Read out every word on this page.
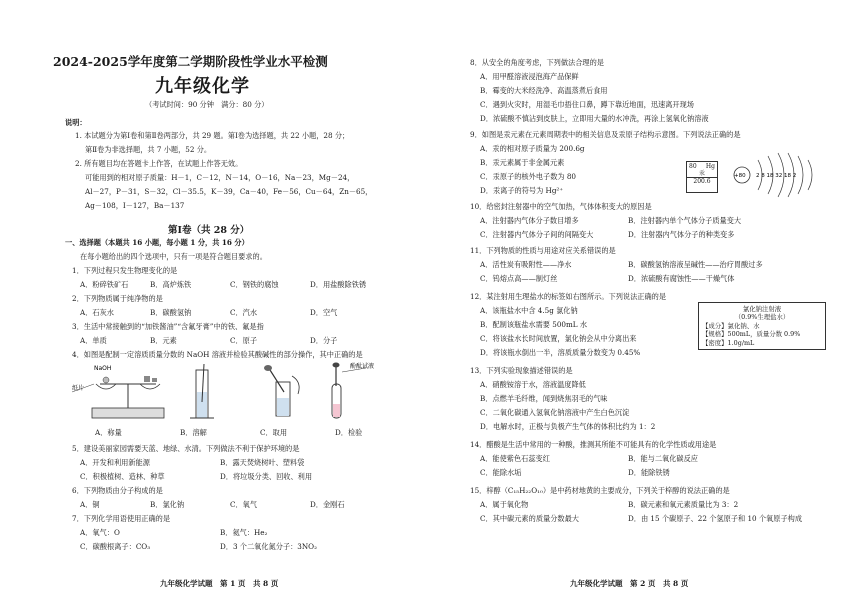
2024-2025学年度第二学期阶段性学业水平检测
九年级化学
（考试时间：90 分钟　满分：80 分）
说明：
1. 本试题分为第Ⅰ卷和第Ⅱ卷两部分，共 29 题。第Ⅰ卷为选择题，共 22 小题，28 分；
第Ⅱ卷为非选择题，共 7 小题，52 分。
2. 所有题目均在答题卡上作答，在试题上作答无效。
可能用到的相对原子质量：H－1，C－12，N－14，O－16，Na－23，Mg－24，
Al－27，P－31，S－32，Cl－35.5，K－39，Ca－40，Fe－56，Cu－64，Zn－65，
Ag－108，I－127，Ba－137
第Ⅰ卷（共 28 分）
一、选择题（本题共 16 小题，每小题 1 分，共 16 分）
在每小题给出的四个选项中，只有一项是符合题目要求的。
1．下列过程只发生物理变化的是
A．粉碎铁矿石	B．高炉炼铁	C．钢铁的腐蚀	D．用盐酸除铁锈
2．下列物质属于纯净物的是
A．石灰水	B．碳酸氢钠	C．汽水	D．空气
3．生活中常接触到的“加铁酱油”“含氟牙膏”中的铁、氟是指
A．单质	B．元素	C．原子	D．分子
4．如图是配制一定溶质质量分数的 NaOH 溶液并检验其酸碱性的部分操作，其中正确的是
NaOH
纸片
酚酞试液
A．称量	B．溶解	C．取用	D．检验
5．建设美丽家园需要天蓝、地绿、水清。下列做法不利于保护环境的是
A．开发和利用新能源	B．露天焚烧树叶、塑料袋
C．积极植树、造林、种草	D．将垃圾分类、回收、利用
6．下列物质由分子构成的是
A．铜	B．氯化钠	C．氧气	D．金刚石
7．下列化学用语使用正确的是
A．氧气：O	B．氦气：He₂
C．碳酸根离子：CO₃	D．3 个二氧化氮分子：3NO₂
九年级化学试题　第 1 页　共 8 页
8．从安全的角度考虑，下列做法合理的是
A．用甲醛溶液浸泡海产品保鲜
B．霉变的大米经洗净、高温蒸煮后食用
C．遇到火灾时，用湿毛巾捂住口鼻，蹲下靠近地面，迅速离开现场
D．浓硫酸不慎沾到皮肤上，立即用大量的水冲洗，再涂上氢氧化钠溶液
9．如图是汞元素在元素周期表中的相关信息及汞原子结构示意图。下列说法正确的是
A．汞的相对原子质量为 200.6g
B．汞元素属于非金属元素
C．汞原子的核外电子数为 80
D．汞离子的符号为 Hg²⁺
80 Hg
汞
200.6
+80 2 8 18 32 18 2
10．给密封注射器中的空气加热，气体体积变大的原因是
A．注射器内气体分子数目增多	B．注射器内单个气体分子质量变大
C．注射器内气体分子间的间隔变大	D．注射器内气体分子的种类变多
11．下列物质的性质与用途对应关系错误的是
A．活性炭有吸附性——净水	B．碳酸氢钠溶液呈碱性——治疗胃酸过多
C．钨熔点高——制灯丝	D．浓硫酸有腐蚀性——干燥气体
12．某注射用生理盐水的标签如右图所示。下列说法正确的是
A．该瓶盐水中含 4.5g 氯化钠
B．配制该瓶盐水需要 500mL 水
C．将该盐水长时间放置，氯化钠会从中分离出来
D．将该瓶水倒出一半，溶质质量分数变为 0.45%
氯化钠注射液
（0.9%生理盐水）
【成分】氯化钠、水
【规格】500mL，质量分数 0.9%
【密度】1.0g/mL
13．下列实验现象描述错误的是
A．硝酸铵溶于水，溶液温度降低
B．点燃羊毛纤维，闻到烧焦羽毛的气味
C．二氧化碳通入氢氧化钠溶液中产生白色沉淀
D．电解水时，正极与负极产生气体的体积比约为 1：2
14．醋酸是生活中常用的一种酸，推测其所能不可能具有的化学性质或用途是
A．能使紫色石蕊变红	B．能与二氧化碳反应
C．能除水垢	D．能除铁锈
15．梓醇（C₁₅H₂₂O₁₀）是中药材地黄的主要成分，下列关于梓醇的说法正确的是
A．属于氧化物	B．碳元素和氧元素质量比为 3：2
C．其中碳元素的质量分数最大	D．由 15 个碳原子、22 个氢原子和 10 个氧原子构成
九年级化学试题　第 2 页　共 8 页
